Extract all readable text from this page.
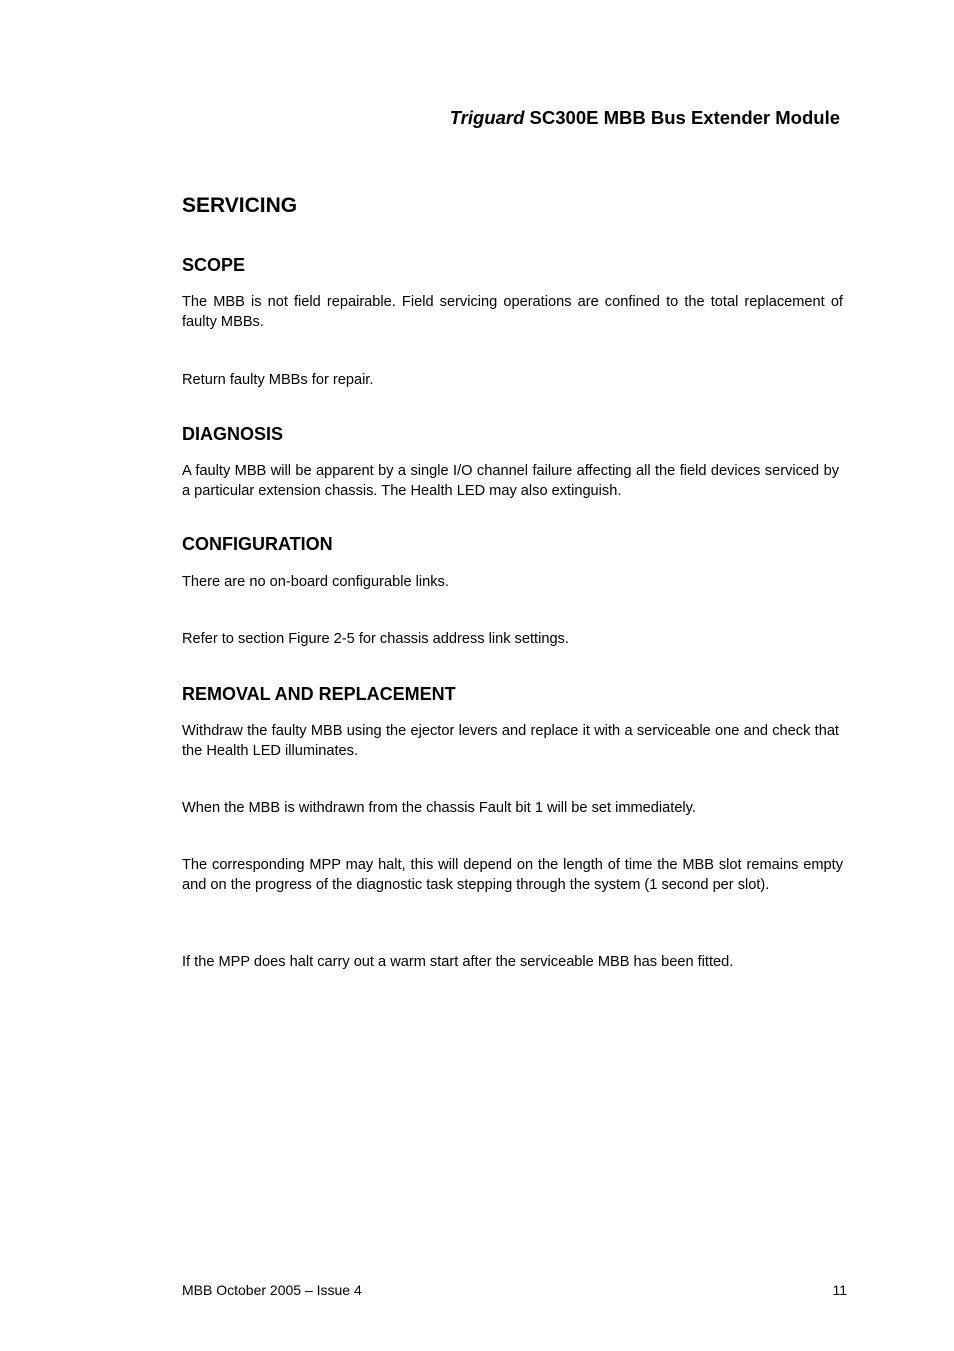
Triguard SC300E MBB Bus Extender Module
SERVICING
SCOPE

The MBB is not field repairable. Field servicing operations are confined to the total replacement of faulty MBBs.

Return faulty MBBs for repair.

DIAGNOSIS

A faulty MBB will be apparent by a single I/O channel failure affecting all the field devices serviced by a particular extension chassis. The Health LED may also extinguish.

CONFIGURATION

There are no on-board configurable links.

Refer to section Figure 2-5 for chassis address link settings.

REMOVAL AND REPLACEMENT

Withdraw the faulty MBB using the ejector levers and replace it with a serviceable one and check that the Health LED illuminates.

When the MBB is withdrawn from the chassis Fault bit 1 will be set immediately.

The corresponding MPP may halt, this will depend on the length of time the MBB slot remains empty and on the progress of the diagnostic task stepping through the system (1 second per slot).

If the MPP does halt carry out a warm start after the serviceable MBB has been fitted.

MBB October 2005 – Issue 4	11
